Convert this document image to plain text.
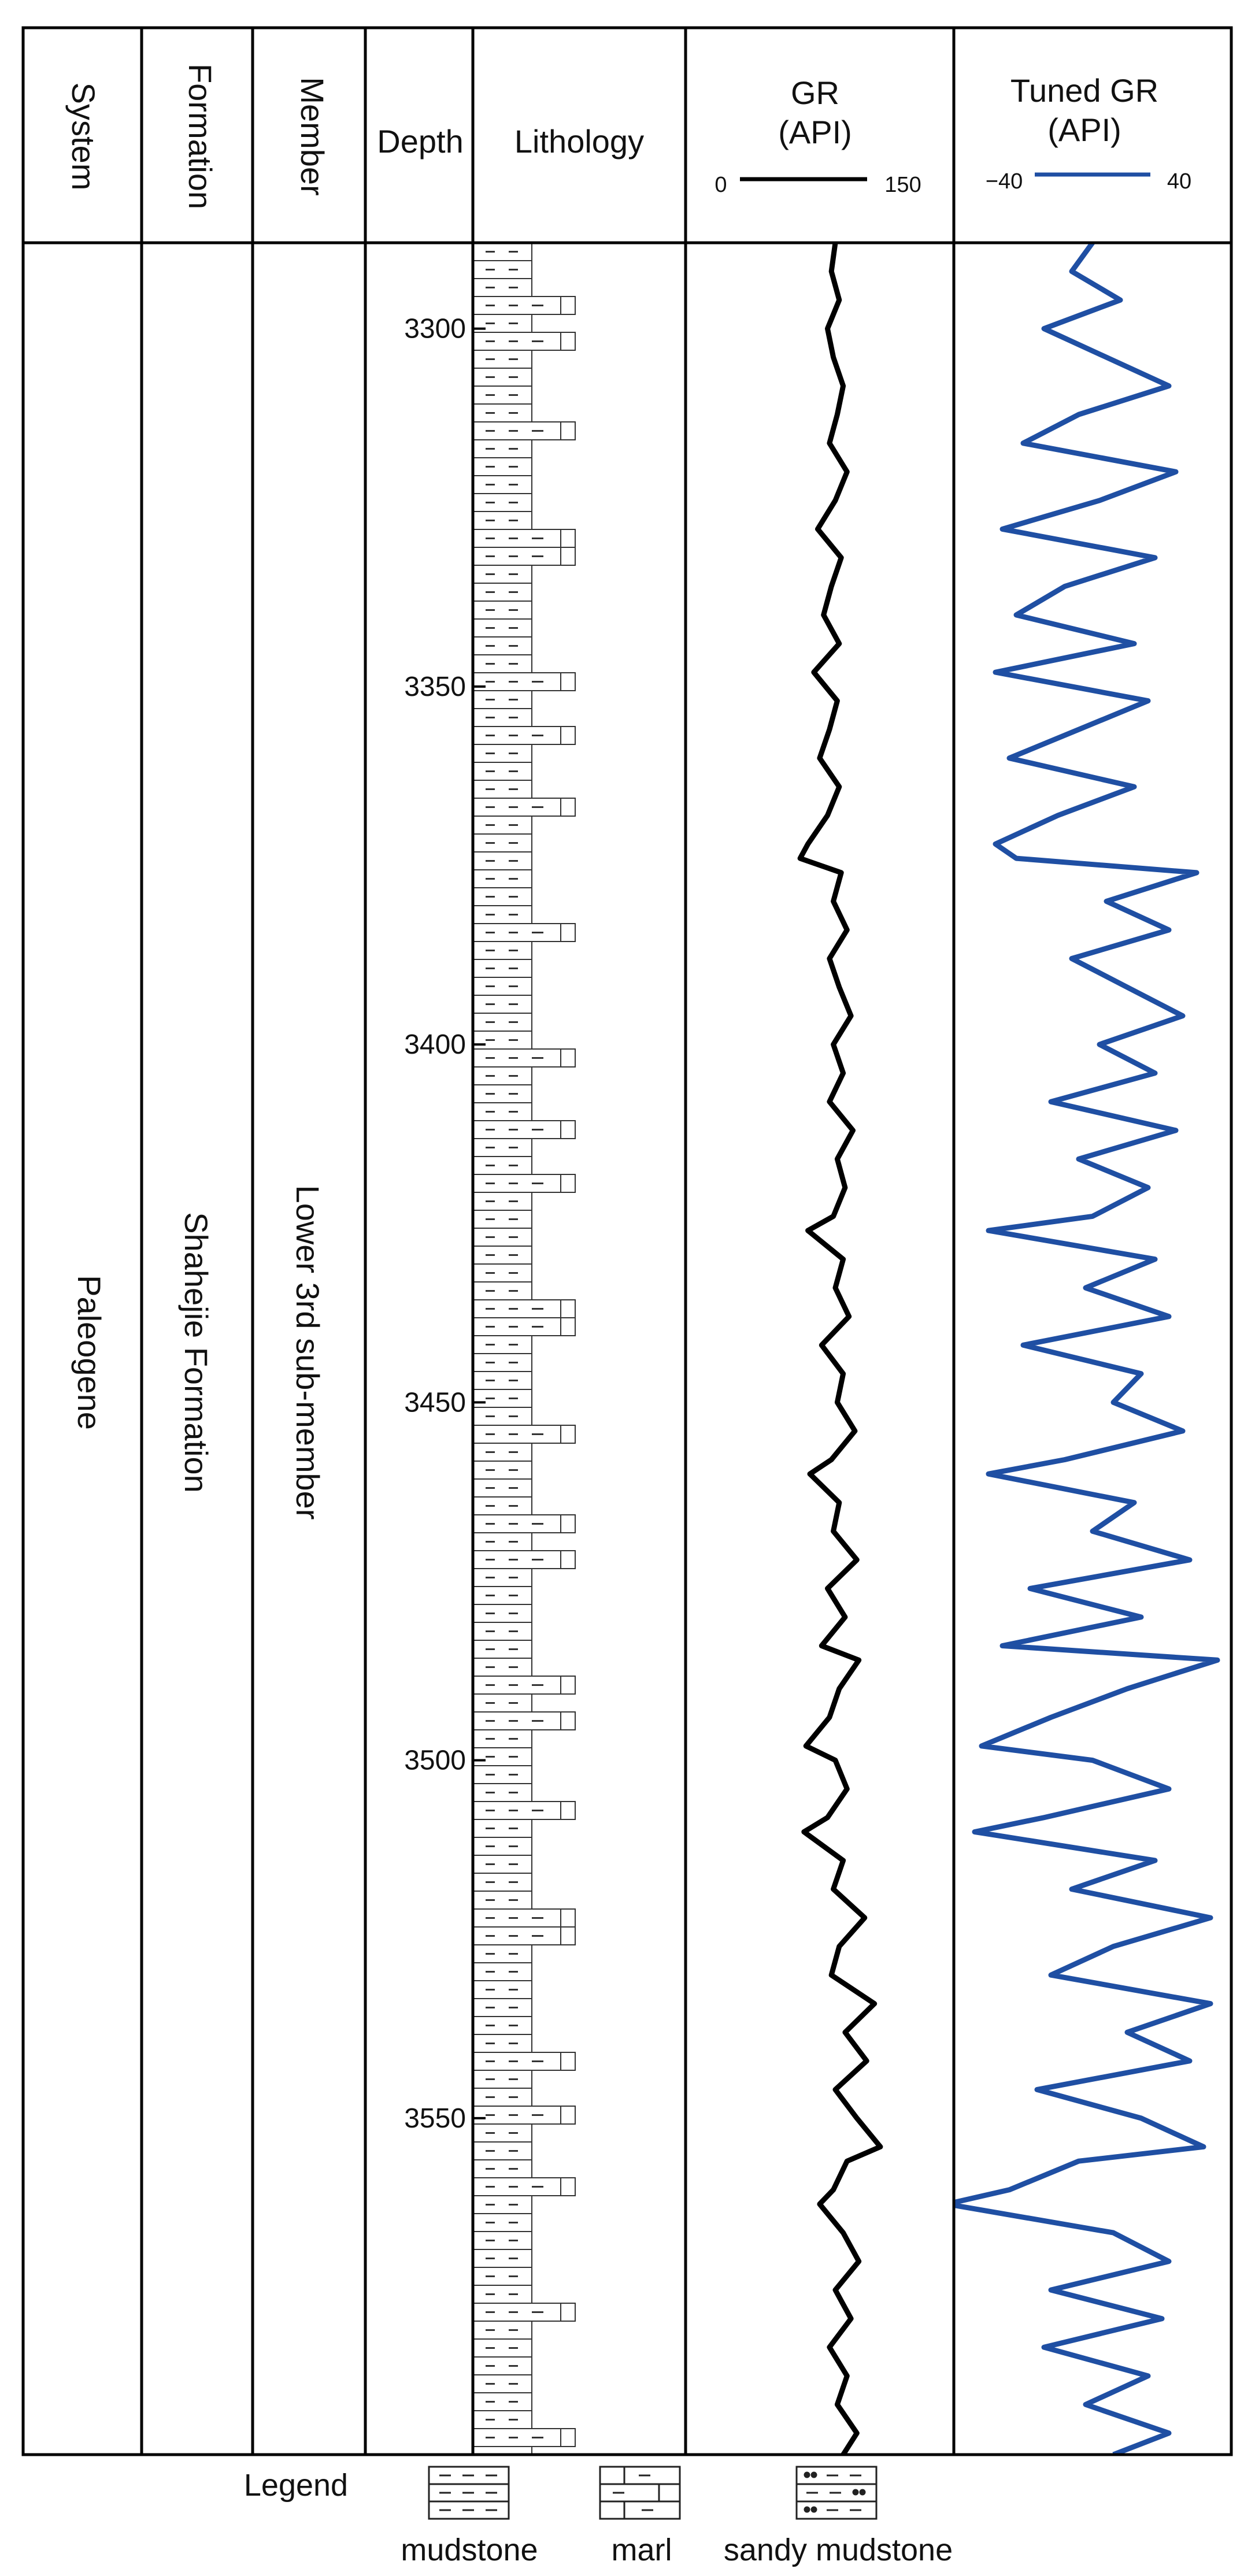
System Formation Member Depth Lithology
GR
(API)
0	150
Tuned GR
(API)
−40	40
Paleogene Shahejie Formation Lower 3rd sub-member
3300
3350
3400
3450
3500
3550
Legend
mudstone marl sandy mudstone
